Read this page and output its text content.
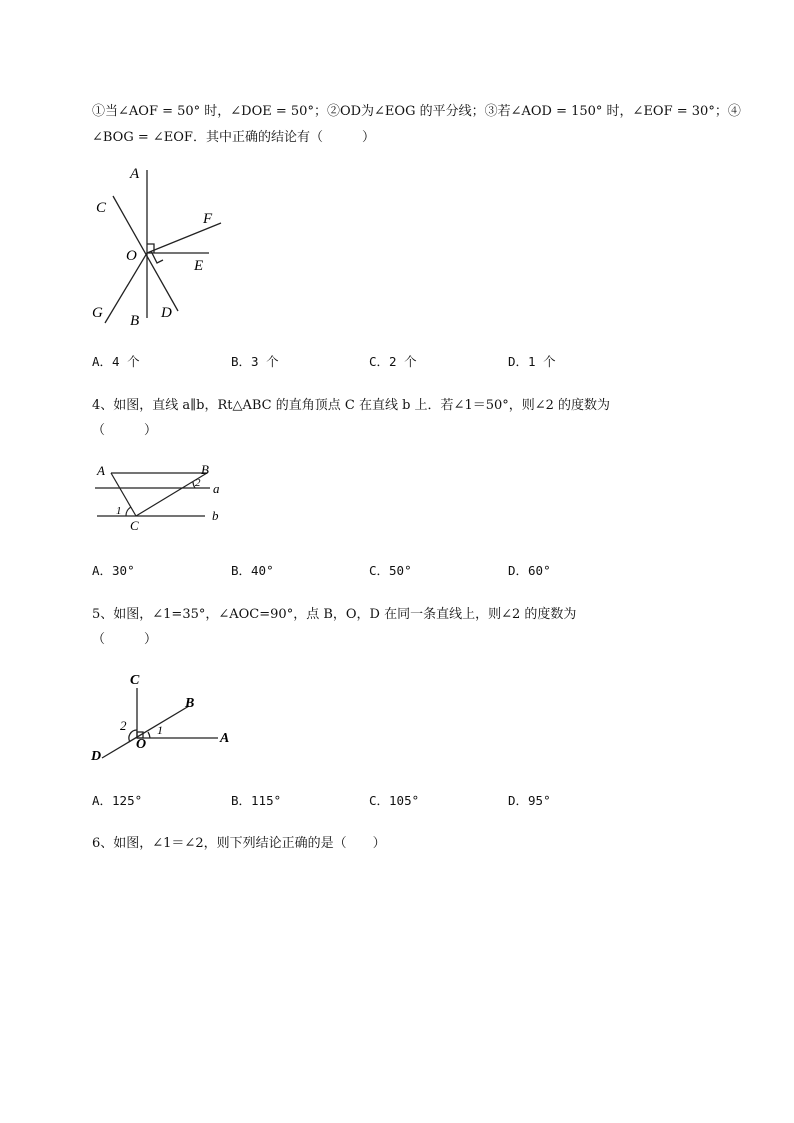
①当∠AOF = 50° 时，∠DOE = 50°；②OD为∠EOG 的平分线；③若∠AOD = 150° 时，∠EOF = 30°；④
∠BOG = ∠EOF．其中正确的结论有（　　　）
A
C
F
O
E
G B D
A．4 个	B．3 个	C．2 个	D．1 个
4、如图，直线 a∥b，Rt△ABC 的直角顶点 C 在直线 b 上．若∠1＝50°，则∠2 的度数为
（　　　）
A	B
2 a
1	b
C
A．30°	B．40°	C．50°	D．60°
5、如图，∠1=35°，∠AOC=90°，点 B，O，D 在同一条直线上，则∠2 的度数为
（　　　）
C
B
2	1
O	A
D
A．125°	B．115°	C．105°	D．95°
6、如图，∠1＝∠2，则下列结论正确的是（　　）
